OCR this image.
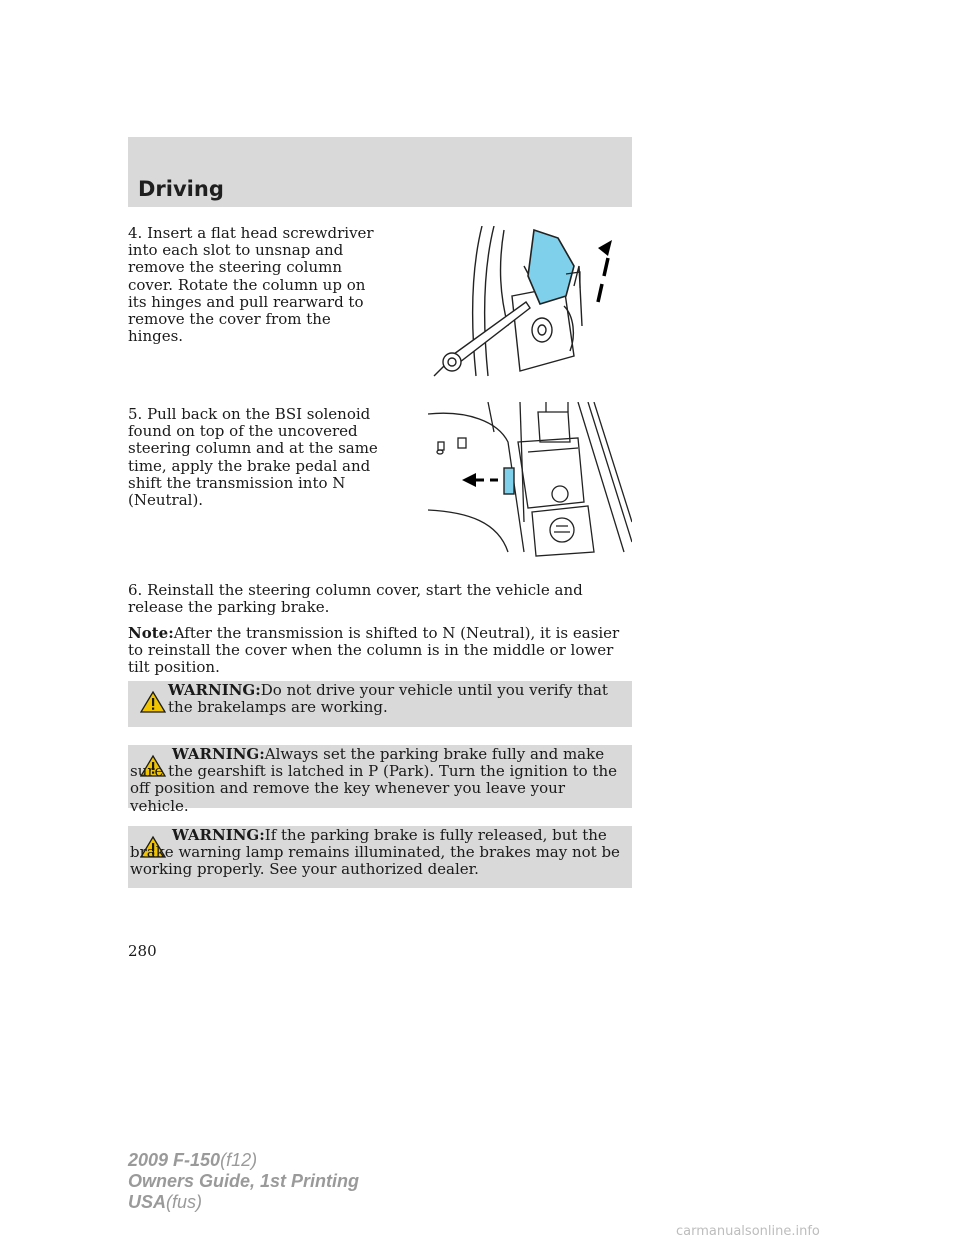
Driving

4. Insert a flat head screwdriver into each slot to unsnap and remove the steering column cover. Rotate the column up on its hinges and pull rearward to remove the cover from the hinges.

5. Pull back on the BSI solenoid found on top of the uncovered steering column and at the same time, apply the brake pedal and shift the transmission into N (Neutral).

6. Reinstall the steering column cover, start the vehicle and release the parking brake.

Note:After the transmission is shifted to N (Neutral), it is easier to reinstall the cover when the column is in the middle or lower tilt position.

WARNING:Do not drive your vehicle until you verify that the brakelamps are working.

WARNING:Always set the parking brake fully and make sure the gearshift is latched in P (Park). Turn the ignition to the off position and remove the key whenever you leave your vehicle.

WARNING:If the parking brake is fully released, but the brake warning lamp remains illuminated, the brakes may not be working properly. See your authorized dealer.

280
2009 F-150(f12)
Owners Guide, 1st Printing
USA(fus)
carmanualsonline.info
